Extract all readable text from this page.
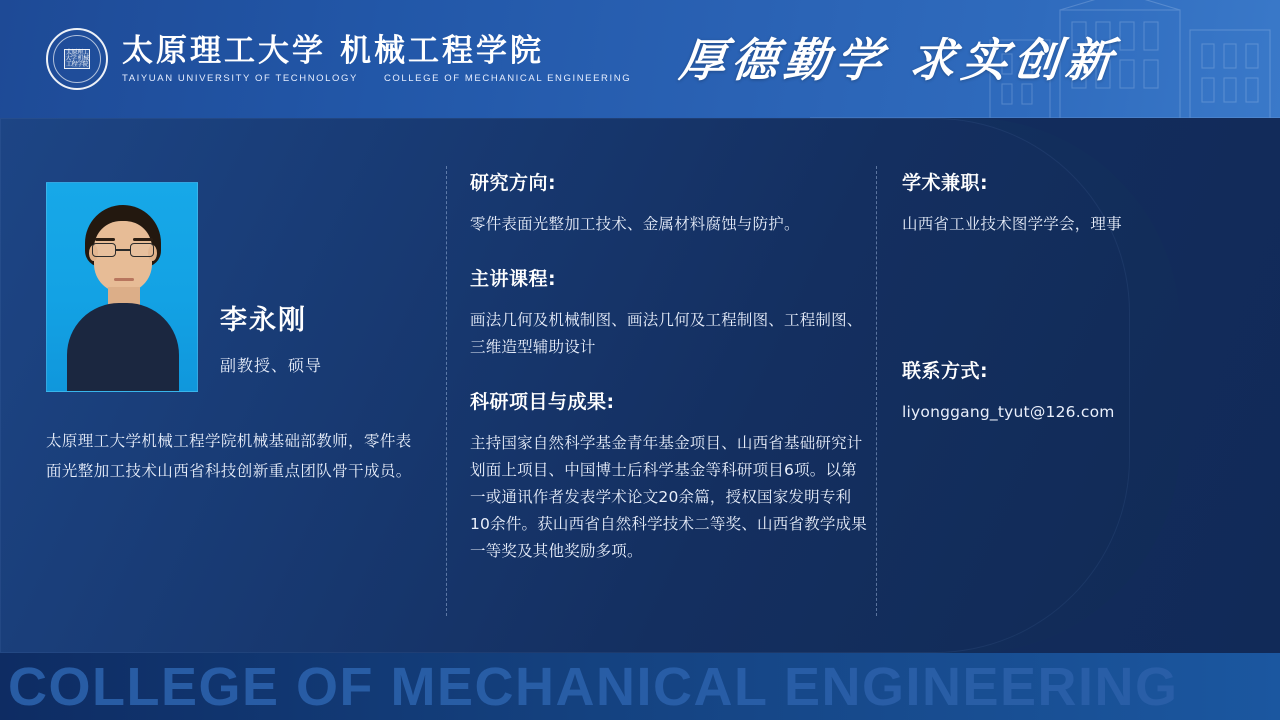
太原理工大学 机械工程学院 太原理工大学 机械工程学院
TAIYUAN UNIVERSITY OF TECHNOLOGY	COLLEGE OF MECHANICAL ENGINEERING 厚德勤学 求实创新
李永刚
副教授、硕导
太原理工大学机械工程学院机械基础部教师，零件表面光整加工技术山西省科技创新重点团队骨干成员。
研究方向:
零件表面光整加工技术、金属材料腐蚀与防护。
主讲课程:
画法几何及机械制图、画法几何及工程制图、工程制图、三维造型辅助设计
科研项目与成果:
主持国家自然科学基金青年基金项目、山西省基础研究计划面上项目、中国博士后科学基金等科研项目6项。以第一或通讯作者发表学术论文20余篇，授权国家发明专利10余件。获山西省自然科学技术二等奖、山西省教学成果一等奖及其他奖励多项。
学术兼职:
山西省工业技术图学学会，理事
联系方式:
liyonggang_tyut@126.com
COLLEGE OF MECHANICAL ENGINEERING
